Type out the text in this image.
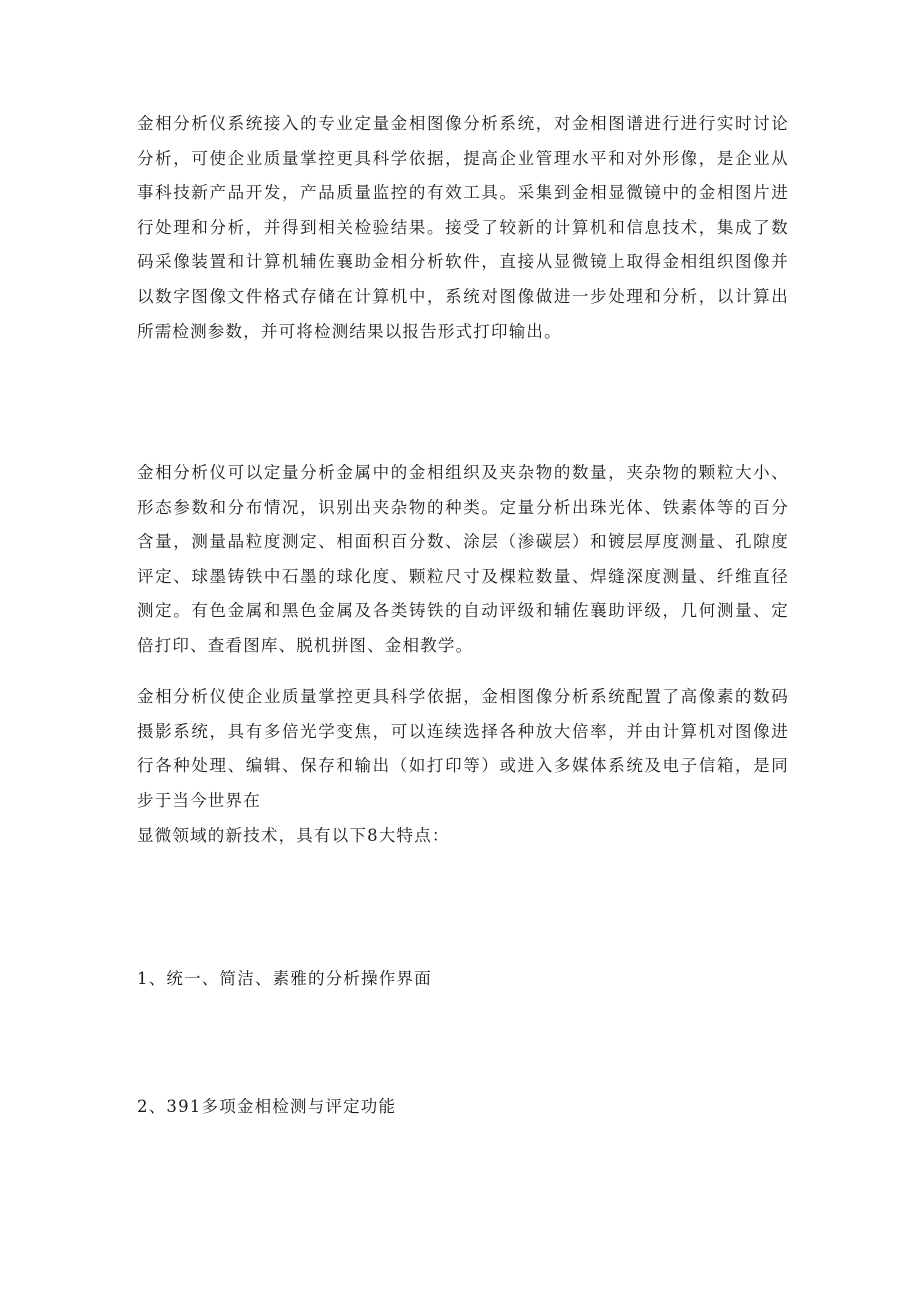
金相分析仪系统接入的专业定量金相图像分析系统，对金相图谱进行进行实时讨论分析，可使企业质量掌控更具科学依据，提高企业管理水平和对外形像，是企业从事科技新产品开发，产品质量监控的有效工具。采集到金相显微镜中的金相图片进行处理和分析，并得到相关检验结果。接受了较新的计算机和信息技术，集成了数码采像装置和计算机辅佐襄助金相分析软件，直接从显微镜上取得金相组织图像并以数字图像文件格式存储在计算机中，系统对图像做进一步处理和分析，以计算出所需检测参数，并可将检测结果以报告形式打印输出。

金相分析仪可以定量分析金属中的金相组织及夹杂物的数量，夹杂物的颗粒大小、形态参数和分布情况，识别出夹杂物的种类。定量分析出珠光体、铁素体等的百分含量，测量晶粒度测定、相面积百分数、涂层（渗碳层）和镀层厚度测量、孔隙度评定、球墨铸铁中石墨的球化度、颗粒尺寸及棵粒数量、焊缝深度测量、纤维直径测定。有色金属和黑色金属及各类铸铁的自动评级和辅佐襄助评级，几何测量、定倍打印、查看图库、脱机拼图、金相教学。

金相分析仪使企业质量掌控更具科学依据，金相图像分析系统配置了高像素的数码摄影系统，具有多倍光学变焦，可以连续选择各种放大倍率，并由计算机对图像进行各种处理、编辑、保存和输出（如打印等）或进入多媒体系统及电子信箱，是同步于当今世界在

显微领域的新技术，具有以下8大特点：

1、统一、简洁、素雅的分析操作界面

2、391多项金相检测与评定功能
